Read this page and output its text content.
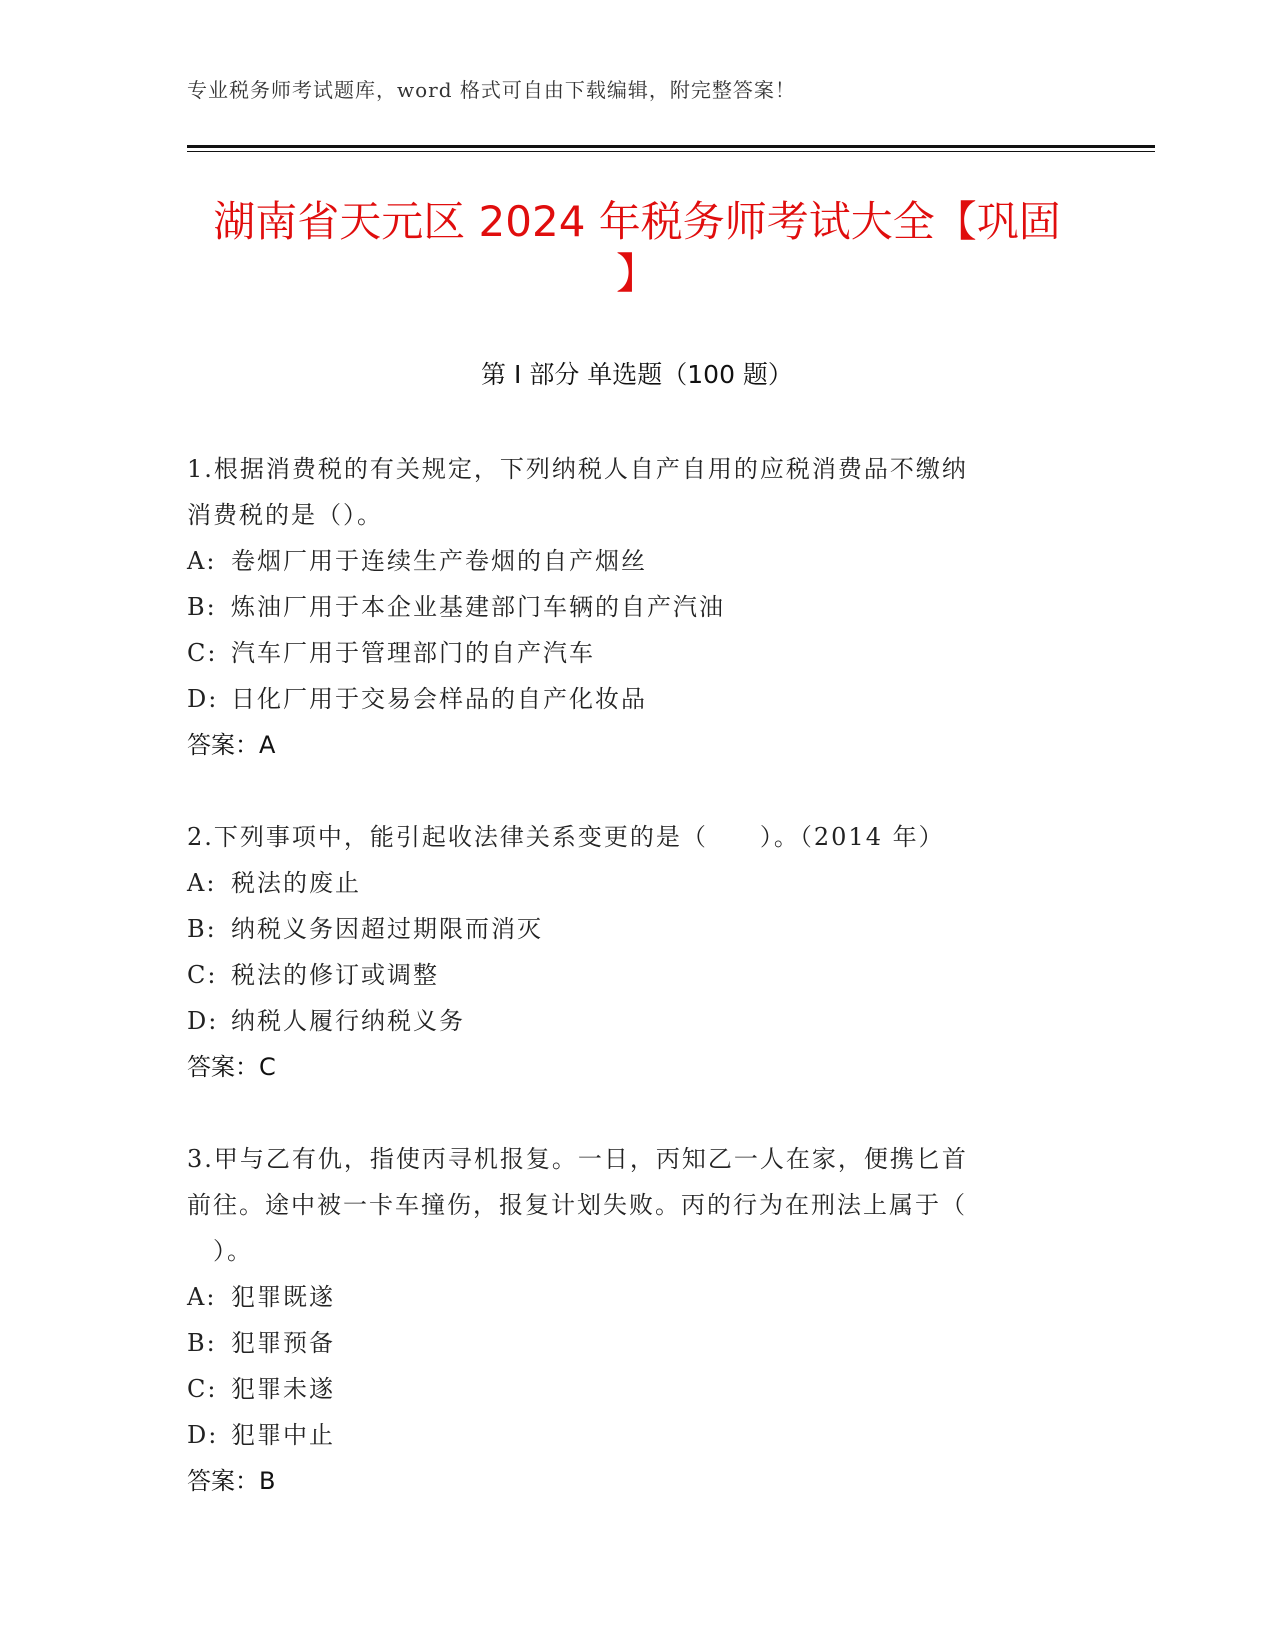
专业税务师考试题库，word 格式可自由下载编辑，附完整答案！
湖南省天元区 2024 年税务师考试大全【巩固
】
第 I 部分 单选题（100 题）

1.根据消费税的有关规定，下列纳税人自产自用的应税消费品不缴纳
消费税的是（）。

A: 卷烟厂用于连续生产卷烟的自产烟丝
B: 炼油厂用于本企业基建部门车辆的自产汽油
C: 汽车厂用于管理部门的自产汽车
D: 日化厂用于交易会样品的自产化妆品
答案：A

2.下列事项中，能引起收法律关系变更的是（　　）。（2014 年）

A: 税法的废止
B: 纳税义务因超过期限而消灭
C: 税法的修订或调整
D: 纳税人履行纳税义务
答案：C

3.甲与乙有仇，指使丙寻机报复。一日，丙知乙一人在家，便携匕首
前往。途中被一卡车撞伤，报复计划失败。丙的行为在刑法上属于（
　）。

A: 犯罪既遂
B: 犯罪预备
C: 犯罪未遂
D: 犯罪中止
答案：B
